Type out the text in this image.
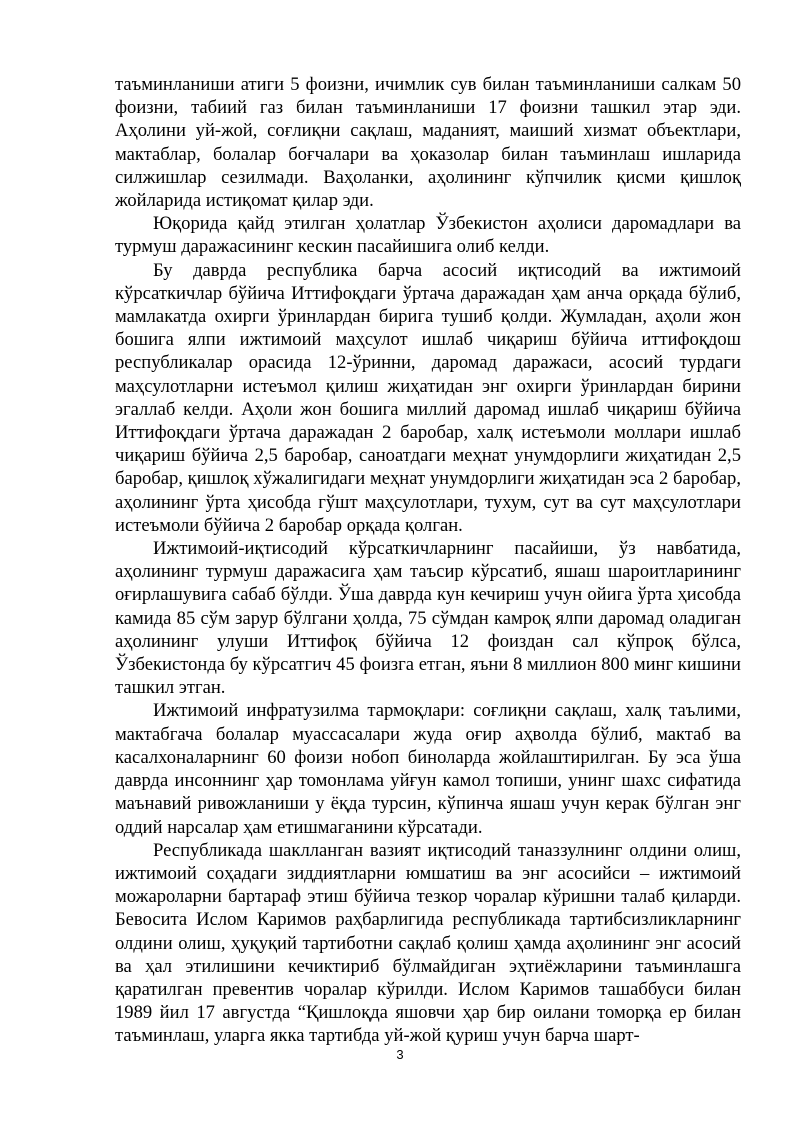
таъминланиши атиги 5 фоизни, ичимлик сув билан таъминланиши салкам 50 фоизни, табиий газ билан таъминланиши 17 фоизни ташкил этар эди. Аҳолини уй-жой, соғлиқни сақлаш, маданият, маиший хизмат объектлари, мактаблар, болалар боғчалари ва ҳоказолар билан таъминлаш ишларида силжишлар сезилмади. Ваҳоланки, аҳолининг кўпчилик қисми қишлоқ жойларида истиқомат қилар эди.

Юқорида қайд этилган ҳолатлар Ўзбекистон аҳолиси даромадлари ва турмуш даражасининг кескин пасайишига олиб келди.

Бу даврда республика барча асосий иқтисодий ва ижтимоий кўрсаткичлар бўйича Иттифоқдаги ўртача даражадан ҳам анча орқада бўлиб, мамлакатда охирги ўринлардан бирига тушиб қолди. Жумладан, аҳоли жон бошига ялпи ижтимоий маҳсулот ишлаб чиқариш бўйича иттифоқдош республикалар орасида 12-ўринни, даромад даражаси, асосий турдаги маҳсулотларни истеъмол қилиш жиҳатидан энг охирги ўринлардан бирини эгаллаб келди. Аҳоли жон бошига миллий даромад ишлаб чиқариш бўйича Иттифоқдаги ўртача даражадан 2 баробар, халқ истеъмоли моллари ишлаб чиқариш бўйича 2,5 баробар, саноатдаги меҳнат унумдорлиги жиҳатидан 2,5 баробар, қишлоқ хўжалигидаги меҳнат унумдорлиги жиҳатидан эса 2 баробар, аҳолининг ўрта ҳисобда гўшт маҳсулотлари, тухум, сут ва сут маҳсулотлари истеъмоли бўйича 2 баробар орқада қолган.

Ижтимоий-иқтисодий кўрсаткичларнинг пасайиши, ўз навбатида, аҳолининг турмуш даражасига ҳам таъсир кўрсатиб, яшаш шароитларининг оғирлашувига сабаб бўлди. Ўша даврда кун кечириш учун ойига ўрта ҳисобда камида 85 сўм зарур бўлгани ҳолда, 75 сўмдан камроқ ялпи даромад оладиган аҳолининг улуши Иттифоқ бўйича 12 фоиздан сал кўпроқ бўлса, Ўзбекистонда бу кўрсатгич 45 фоизга етган, яъни 8 миллион 800 минг кишини ташкил этган.

Ижтимоий инфратузилма тармоқлари: соғлиқни сақлаш, халқ таълими, мактабгача болалар муассасалари жуда оғир аҳволда бўлиб, мактаб ва касалхоналарнинг 60 фоизи нобоп биноларда жойлаштирилган. Бу эса ўша даврда инсоннинг ҳар томонлама уйғун камол топиши, унинг шахс сифатида маънавий ривожланиши у ёқда турсин, кўпинча яшаш учун керак бўлган энг оддий нарсалар ҳам етишмаганини кўрсатади.

Республикада шаклланган вазият иқтисодий таназзулнинг олдини олиш, ижтимоий соҳадаги зиддиятларни юмшатиш ва энг асосийси – ижтимоий можароларни бартараф этиш бўйича тезкор чоралар кўришни талаб қиларди. Бевосита Ислом Каримов раҳбарлигида республикада тартибсизликларнинг олдини олиш, ҳуқуқий тартиботни сақлаб қолиш ҳамда аҳолининг энг асосий ва ҳал этилишини кечиктириб бўлмайдиган эҳтиёжларини таъминлашга қаратилган превентив чоралар кўрилди. Ислом Каримов ташаббуси билан 1989 йил 17 августда “Қишлоқда яшовчи ҳар бир оилани томорқа ер билан таъминлаш, уларга якка тартибда уй-жой қуриш учун барча шарт-

3
